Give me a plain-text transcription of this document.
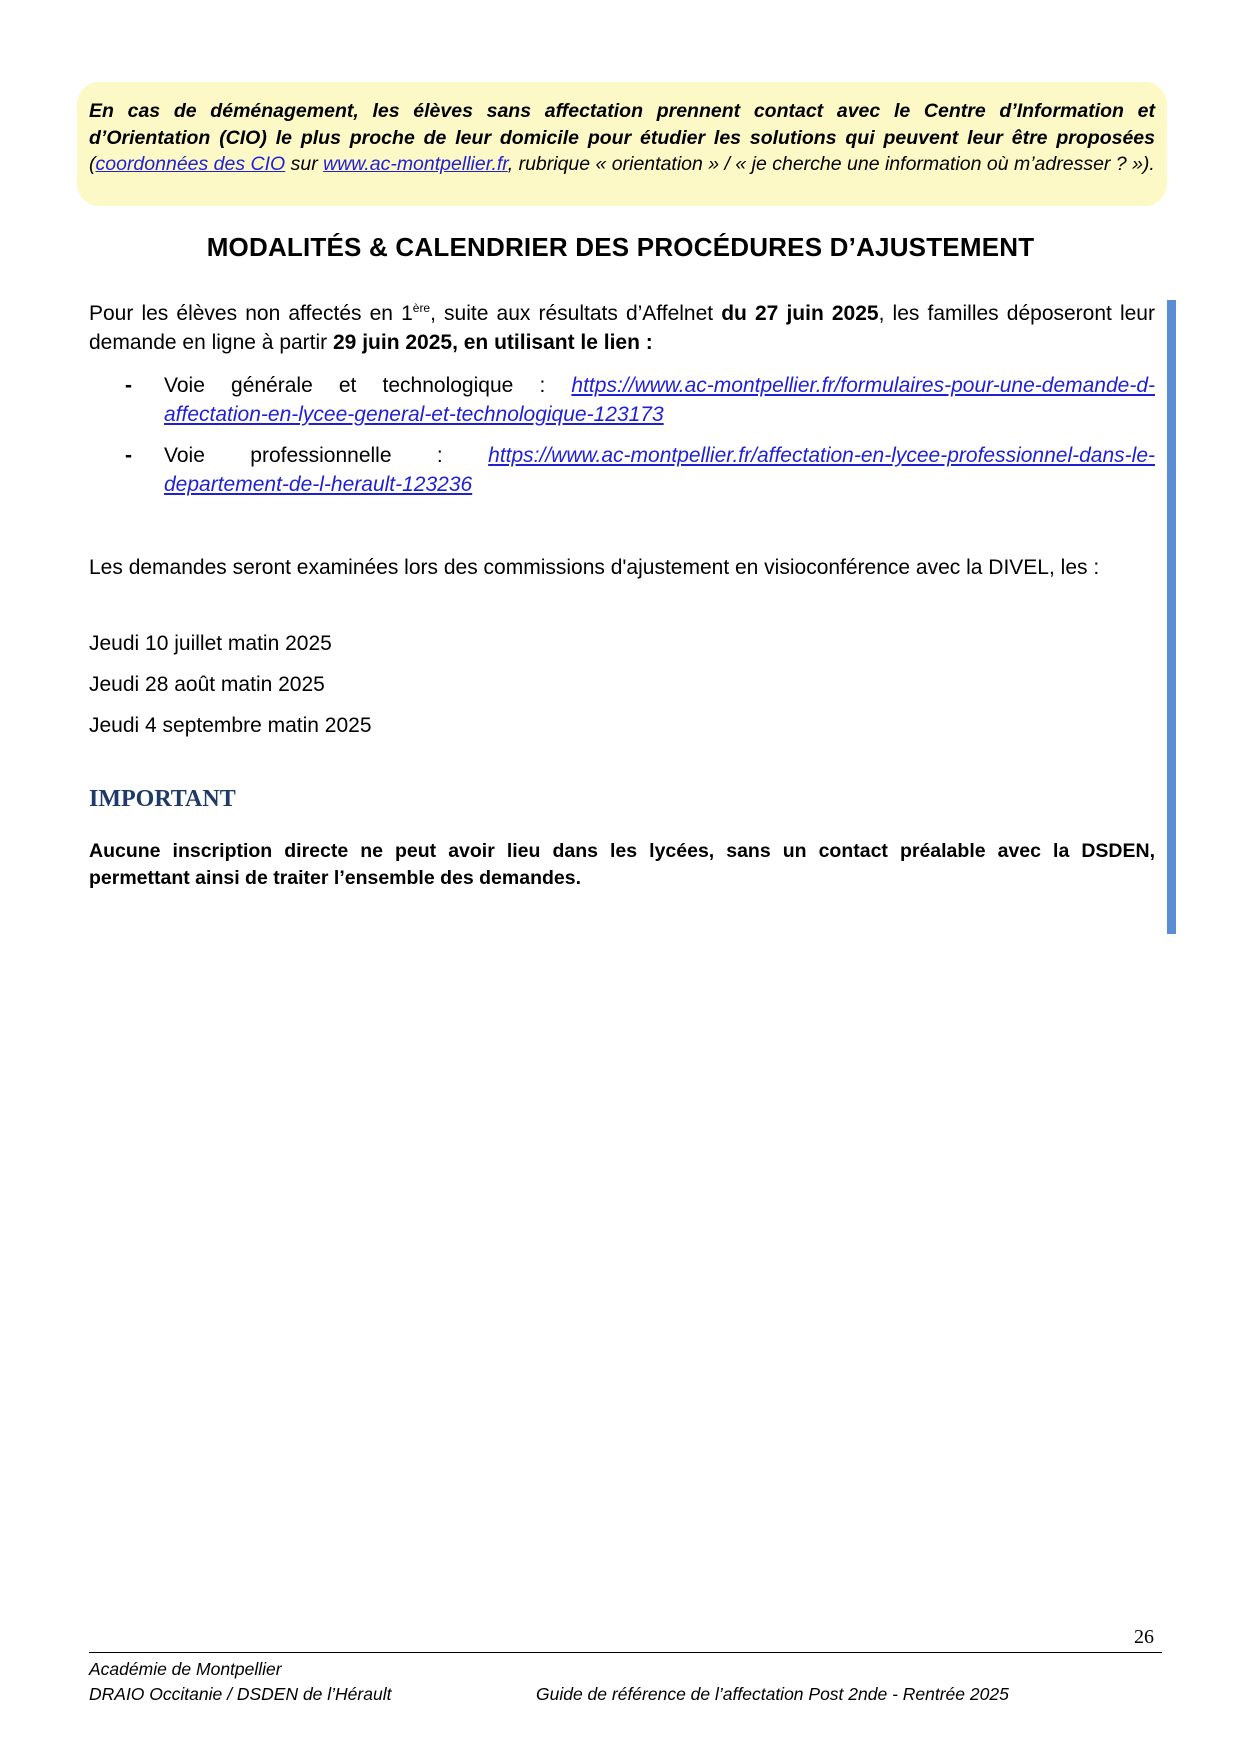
En cas de déménagement, les élèves sans affectation prennent contact avec le Centre d’Information et d’Orientation (CIO) le plus proche de leur domicile pour étudier les solutions qui peuvent leur être proposées (coordonnées des CIO sur www.ac-montpellier.fr, rubrique « orientation » / « je cherche une information où m’adresser ? »).
MODALITÉS & CALENDRIER DES PROCÉDURES D’AJUSTEMENT
Pour les élèves non affectés en 1ère, suite aux résultats d’Affelnet du 27 juin 2025, les familles déposeront leur demande en ligne à partir 29 juin 2025, en utilisant le lien :
- Voie générale et technologique : https://www.ac-montpellier.fr/formulaires-pour-une-demande-d-affectation-en-lycee-general-et-technologique-123173
- Voie professionnelle : https://www.ac-montpellier.fr/affectation-en-lycee-professionnel-dans-le-departement-de-l-herault-123236
Les demandes seront examinées lors des commissions d'ajustement en visioconférence avec la DIVEL, les :
Jeudi 10 juillet matin 2025
Jeudi 28 août matin 2025
Jeudi 4 septembre matin 2025
IMPORTANT
Aucune inscription directe ne peut avoir lieu dans les lycées, sans un contact préalable avec la DSDEN, permettant ainsi de traiter l’ensemble des demandes.
26
Académie de Montpellier
DRAIO Occitanie / DSDEN de l’Hérault	Guide de référence de l’affectation Post 2nde - Rentrée 2025
